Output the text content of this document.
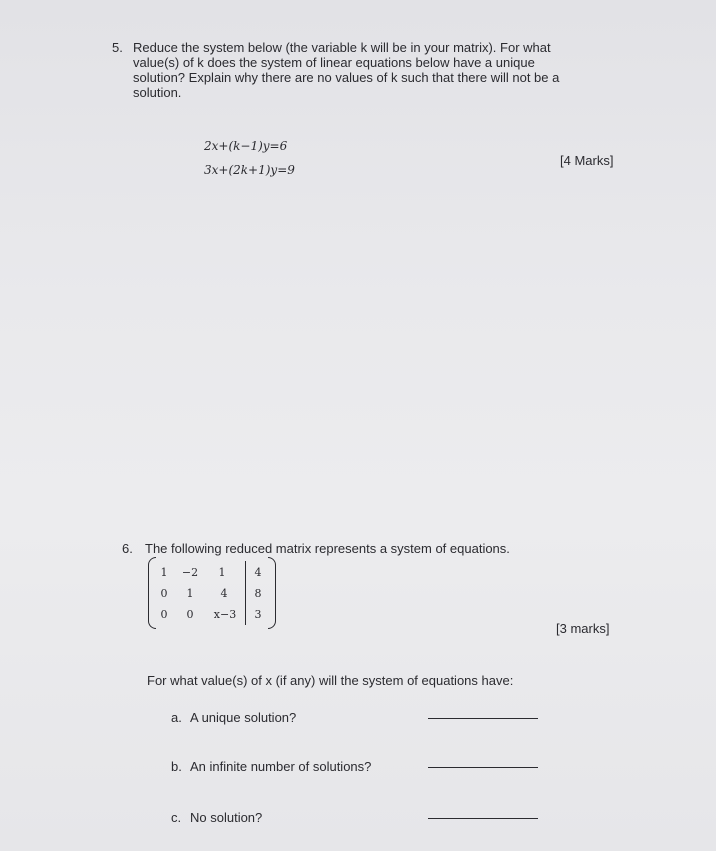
5. Reduce the system below (the variable k will be in your matrix). For what
value(s) of k does the system of linear equations below have a unique
solution? Explain why there are no values of k such that there will not be a
solution.
2x+(k−1)y=6
3x+(2k+1)y=9
[4 Marks]
6. The following reduced matrix represents a system of equations.
1	−2	1	4
0	1	4	8
0	0	x−3	3
[3 marks]
For what value(s) of x (if any) will the system of equations have:
a. A unique solution?
b. An infinite number of solutions?
c. No solution?
